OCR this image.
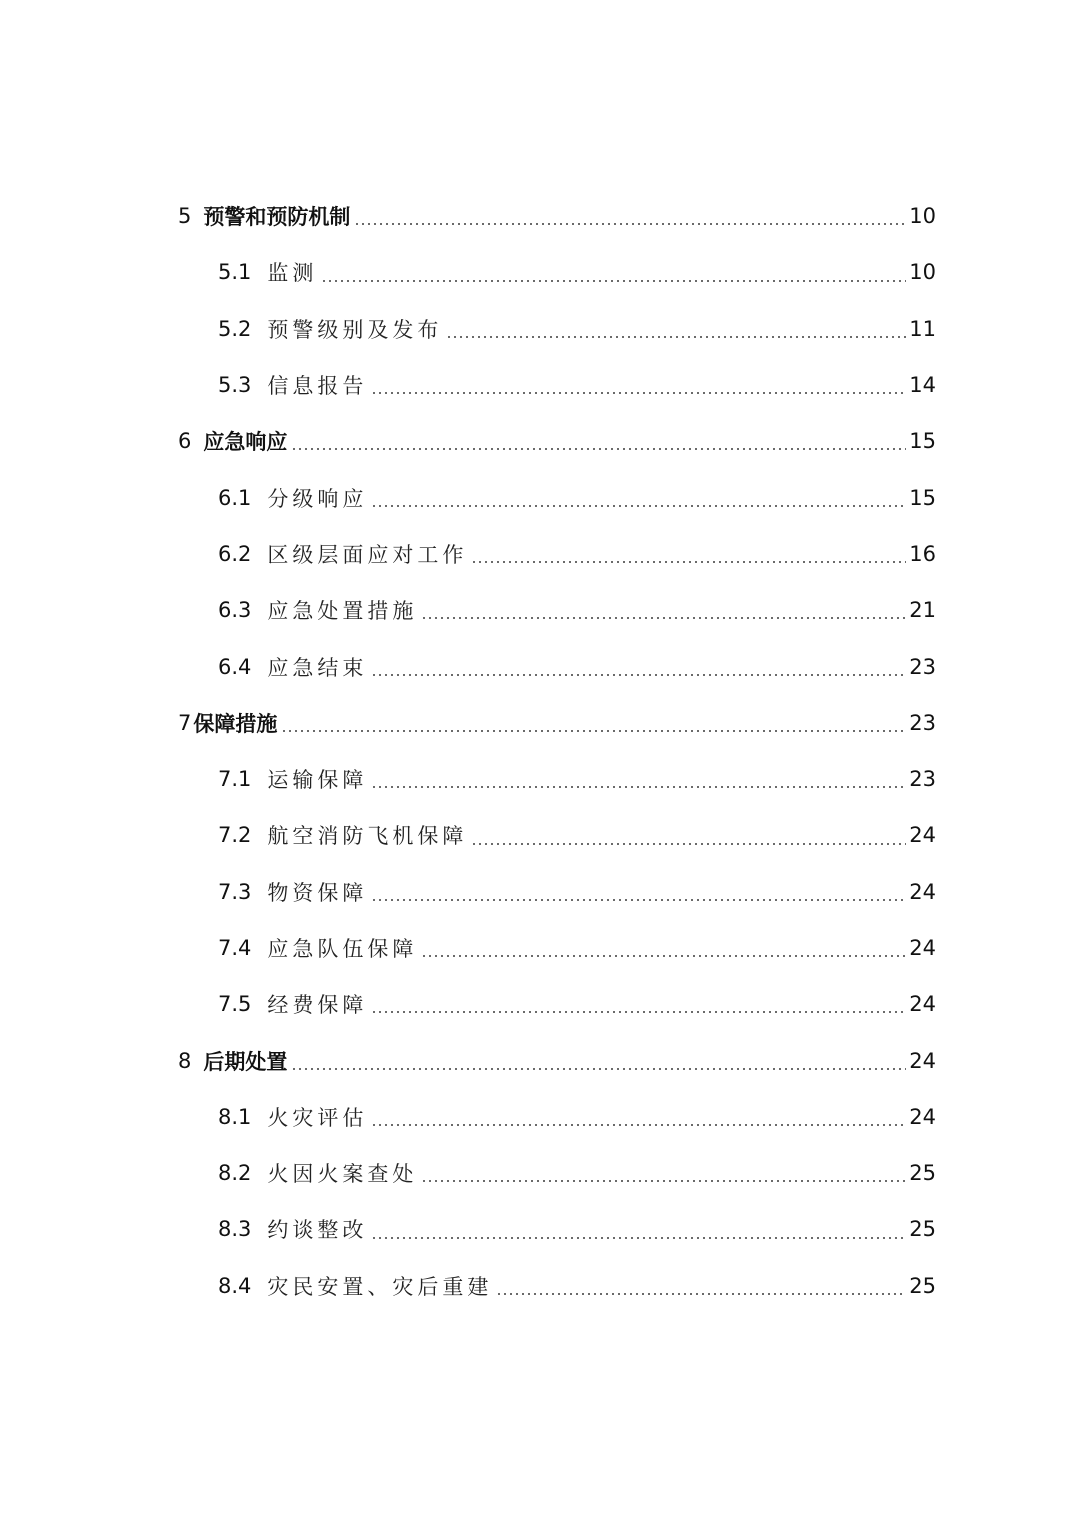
5 预警和预防机制	10
5.1 监测	10
5.2 预警级别及发布	11
5.3 信息报告	14
6 应急响应	15
6.1 分级响应	15
6.2 区级层面应对工作	16
6.3 应急处置措施	21
6.4 应急结束	23
7 保障措施	23
7.1 运输保障	23
7.2 航空消防飞机保障	24
7.3 物资保障	24
7.4 应急队伍保障	24
7.5 经费保障	24
8 后期处置	24
8.1 火灾评估	24
8.2 火因火案查处	25
8.3 约谈整改	25
8.4 灾民安置、灾后重建	25
